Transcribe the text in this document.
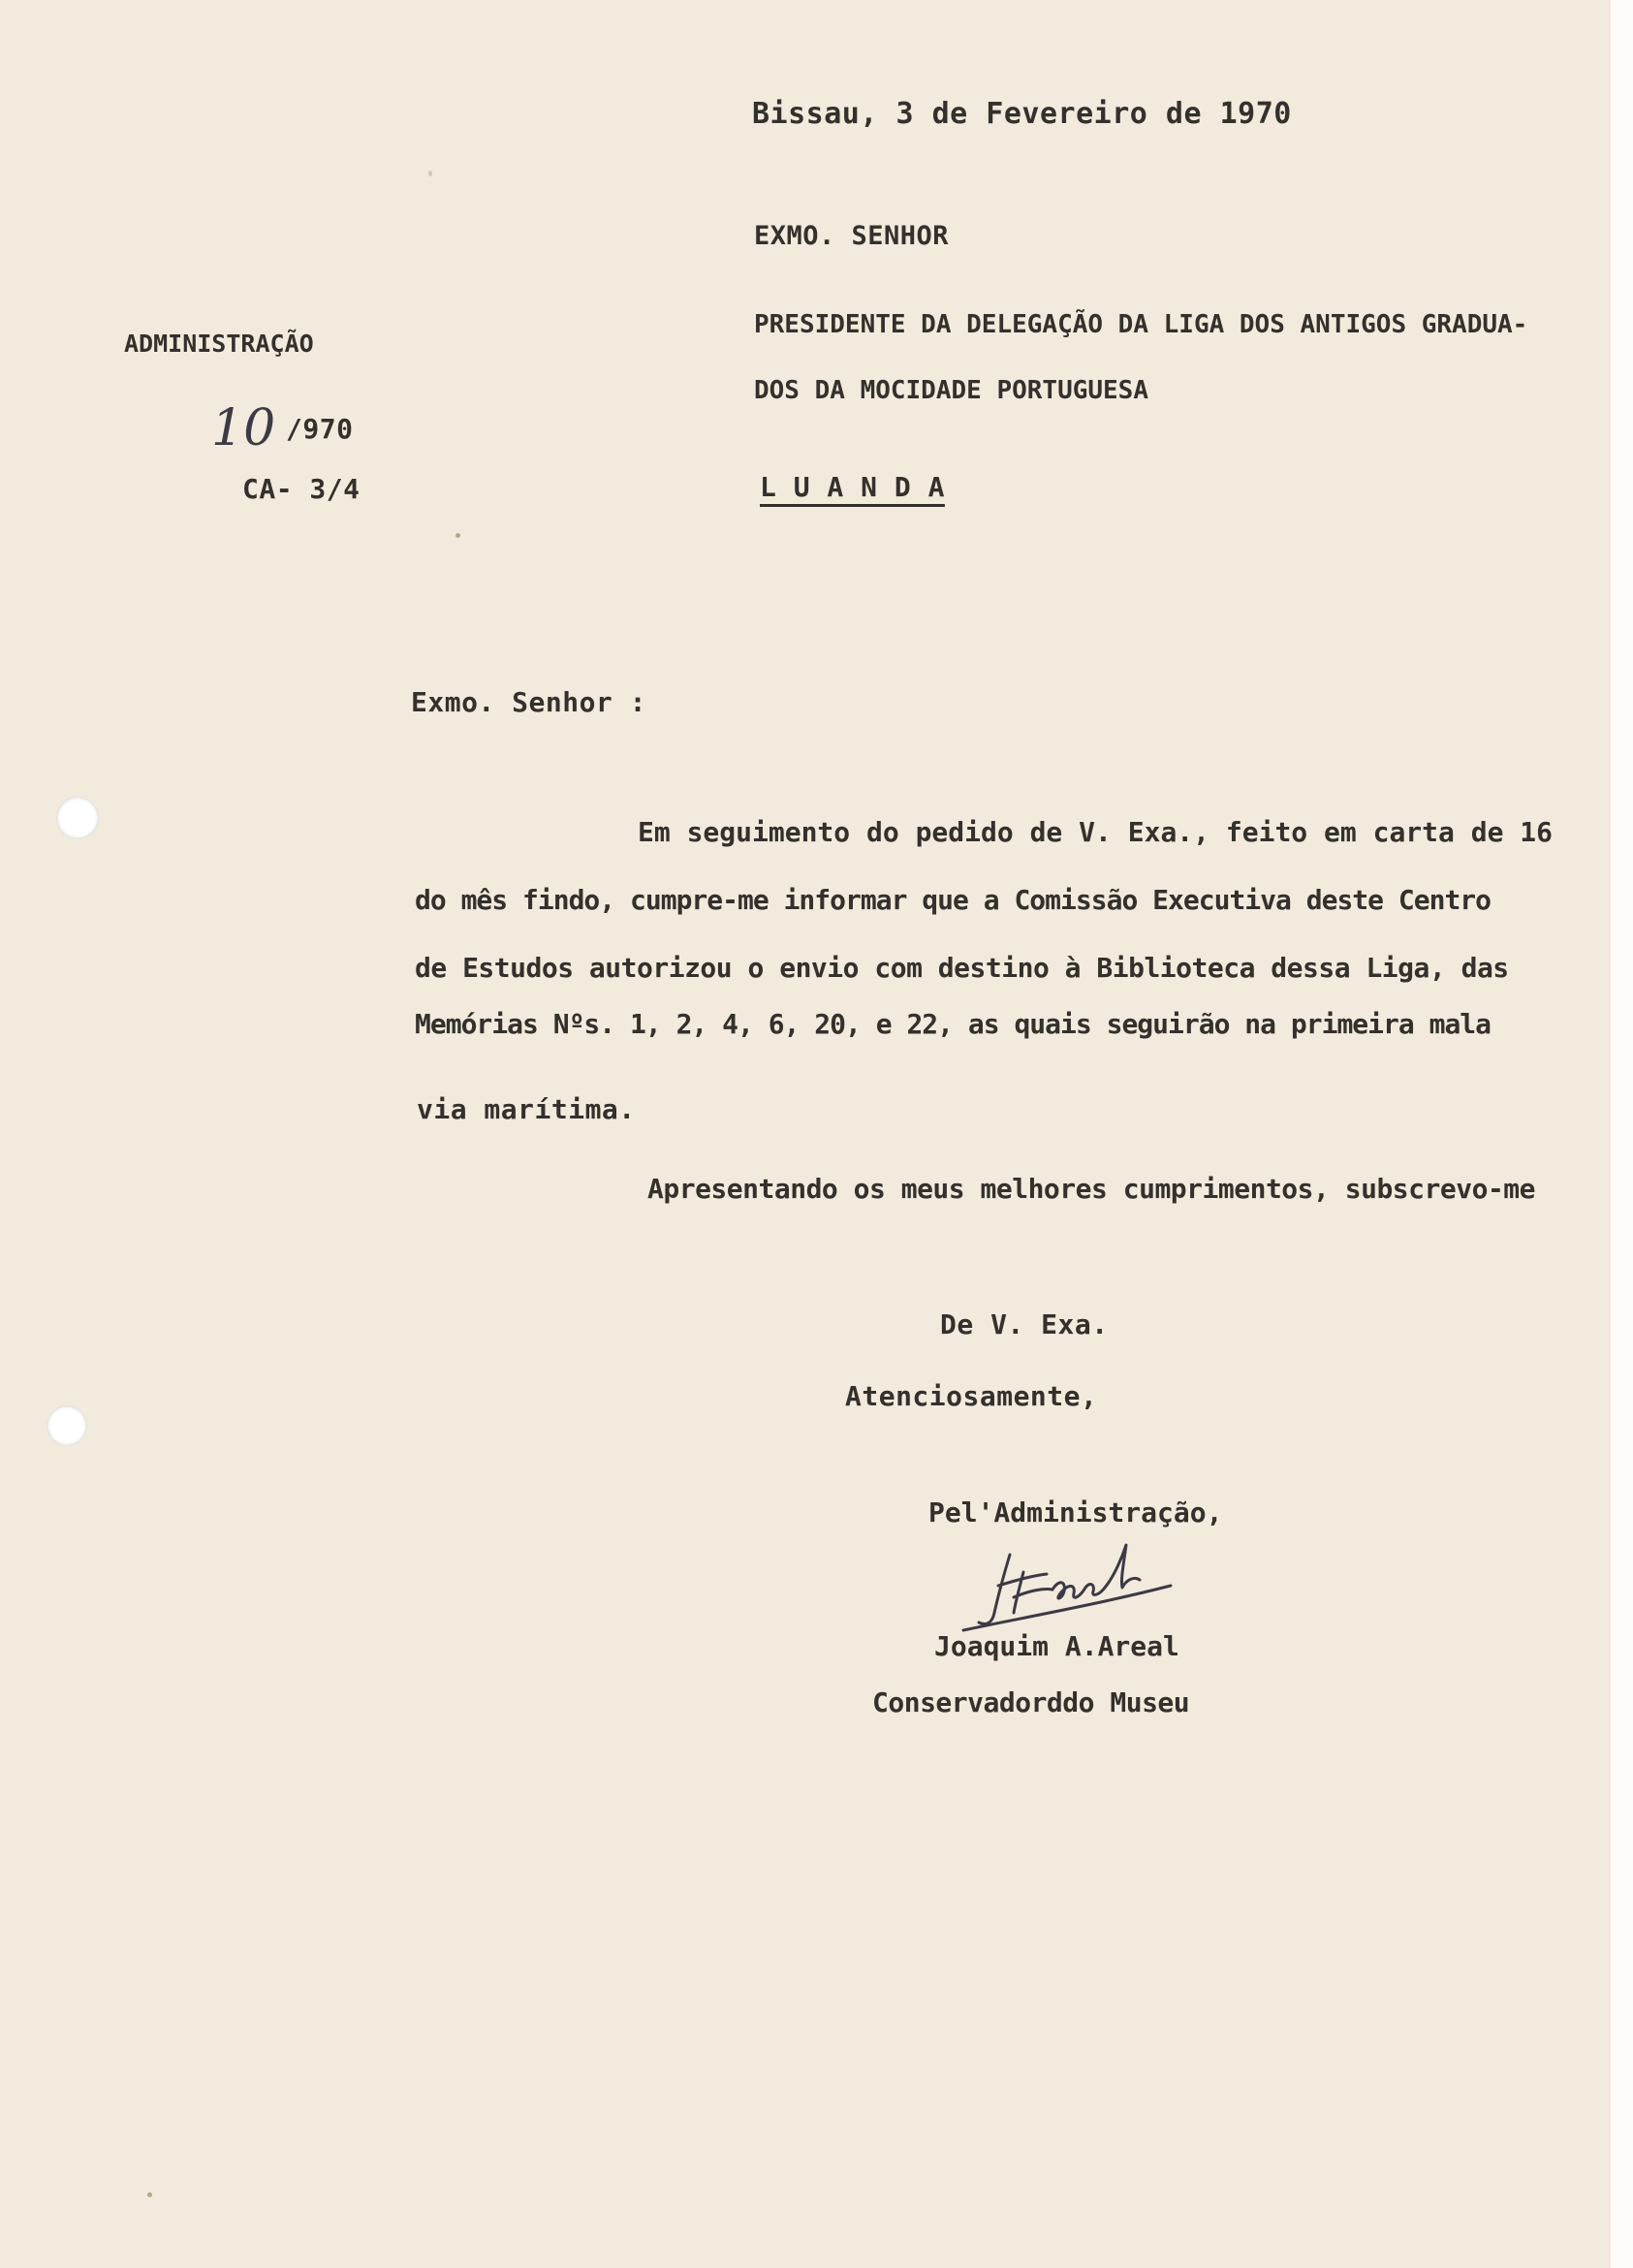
Bissau, 3 de Fevereiro de 1970
EXMO. SENHOR
PRESIDENTE DA DELEGAÇÃO DA LIGA DOS ANTIGOS GRADUA-
DOS DA MOCIDADE PORTUGUESA
L U A N D A
ADMINISTRAÇÃO
10 /970
CA- 3/4
Exmo. Senhor :
Em seguimento do pedido de V. Exa., feito em carta de 16
do mês findo, cumpre-me informar que a Comissão Executiva deste Centro
de Estudos autorizou o envio com destino à Biblioteca dessa Liga, das
Memórias Nºs. 1, 2, 4, 6, 20, e 22, as quais seguirão na primeira mala
via marítima.
Apresentando os meus melhores cumprimentos, subscrevo-me
De V. Exa.
Atenciosamente,
Pel'Administração,
Joaquim A.Areal
Conservadorddo Museu
